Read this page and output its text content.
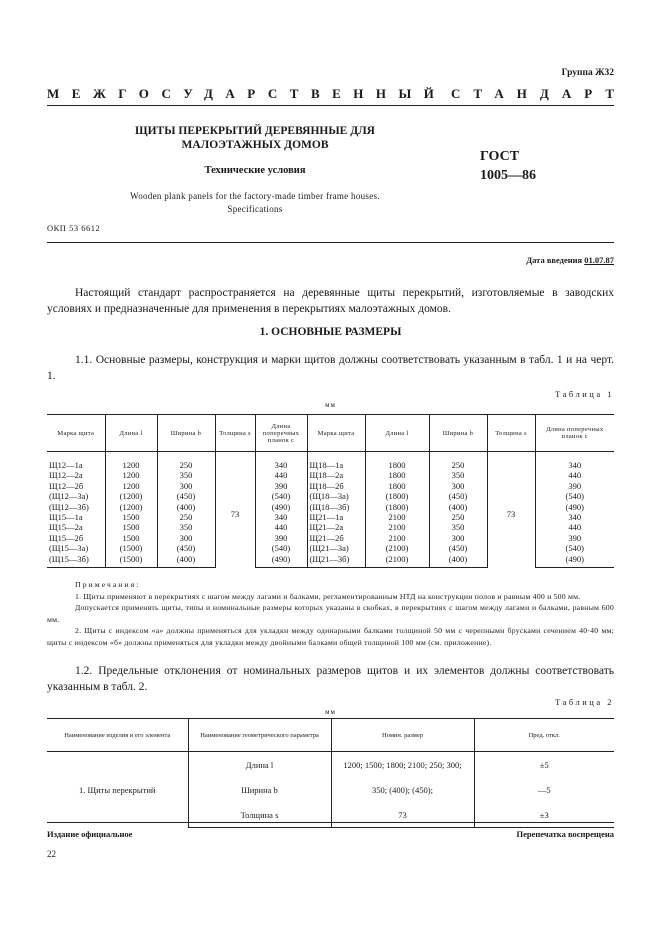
Группа Ж32
МЕЖГОСУДАРСТВЕННЫЙ СТАНДАРТ
ЩИТЫ ПЕРЕКРЫТИЙ ДЕРЕВЯННЫЕ ДЛЯ
МАЛОЭТАЖНЫХ ДОМОВ
Технические условия
ГОСТ
1005—86
Wooden plank panels for the factory-made timber frame houses.
Specifications
ОКП 53 6612
Дата введения 01.07.87
Настоящий стандарт распространяется на деревянные щиты перекрытий, изготовляемые в заводских условиях и предназначенные для применения в перекрытиях малоэтажных домов.
1. ОСНОВНЫЕ РАЗМЕРЫ
1.1. Основные размеры, конструкция и марки щитов должны соответствовать указанным в табл. 1 и на черт. 1.
Таблица 1
мм
Марка щита	Длина l	Ширина b	Толщина s	Длина поперечных планок c	Марка щита	Длина l	Ширина b	Толщина s	Длина поперечных планок c
Щ12—1а	1200	250	73	340	Щ18—1а	1800	250	73	340
Щ12—2а	1200	350		440	Щ18—2а	1800	350		440
Щ12—2б	1200	300		390	Щ18—2б	1800	300		390
(Щ12—3а)	(1200)	(450)		(540)	(Щ18—3а)	(1800)	(450)		(540)
(Щ12—3б)	(1200)	(400)		(490)	(Щ18—3б)	(1800)	(400)		(490)
Щ15—1а	1500	250		340	Щ21—1а	2100	250		340
Щ15—2а	1500	350		440	Щ21—2а	2100	350		440
Щ15—2б	1500	300		390	Щ21—2б	2100	300		390
(Щ15—3а)	(1500)	(450)		(540)	(Щ21—3а)	(2100)	(450)		(540)
(Щ15—3б)	(1500)	(400)		(490)	(Щ21—3б)	(2100)	(400)		(490)
Примечания:

1. Щиты применяют в перекрытиях с шагом между лагами и балками, регламентированным НТД на конструкции полов и равным 400 и 500 мм.

Допускается применять щиты, типы и номинальные размеры которых указаны в скобках, в перекрытиях с шагом между лагами и балками, равным 600 мм.

2. Щиты с индексом «а» должны применяться для укладки между одинарными балками толщиной 50 мм с черепными брусками сечением 40·40 мм; щиты с индексом «б» должны применяться для укладки между двойными балками общей толщиной 100 мм (см. приложение).

1.2. Предельные отклонения от номинальных размеров щитов и их элементов должны соответствовать указанным в табл. 2.
Таблица 2
мм
Наименование изделия и его элемента	Наименование геометрического параметра	Номин. размер	Пред. откл.
1. Щиты перекрытий	Длина l	1200; 1500; 1800; 2100; 250; 300;	±5
	Ширина b	350; (400); (450);	—5
	Толщина s	73	±3
Издание официальное	Перепечатка воспрещена
22
